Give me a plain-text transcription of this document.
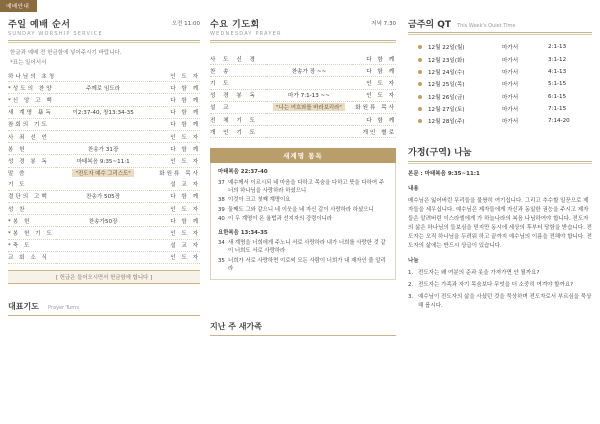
예배안내
주일 예배 순서
SUNDAY WORSHIP SERVICE
오전 11:00
한글과 예배 전 헌금함에 넣어주시기 바랍니다.
*표는 일어서서
하나님의 초청		인 도 자
*성도의 찬양	주께로 임도라	다 함 께
*신 앙 고 백		다 함 께
새 계명 暴독	이2:37-40, 창13:34-35	다 함 께
참회의 기도		다 함 께
사 죄 선 언		인 도 자
봉 헌	찬송가 31장	다 함 께
성 경 봉 독	마태복음 9:35~11:1	인 도 자
말 씀	"전도자 예수 그리스도"	화원류 목사
기 도		설 교 자
결단의 고백	찬송가 505장	다 함 께
성 찬		인 도 자
*봉 헌	찬송가50장	다 함 께
*봉 헌 기 도		인 도 자
*축 도		설 교 자
교 회 소 식		인 도 자
[ 헌금은 들어오시면서 헌금함에 합니다 ]
대표기도 Prayer Turns
수요 기도회
WEDNESDAY PRAYER
저녁 7:30
사 도 신 경		다 함 께
찬 송	찬송가 장 ~~	다 함 께
기 도		인 도 자
성 경 봉 독	마가 7:1-13 ~~	인 도 자
설 교	"나는 여호와를 바라보리라"	화원류 목사
전 체 기 도		다 함 께
개 인 기 도		개인 별로
새계명 통독
마태복음 22:37-40
37 예수께서 이르시되 네 마음을 다하고 목숨을 다하고 뜻을 다하여 주 너의 하나님을 사랑하라 하셨으니
38 이것이 크고 첫째 계명이요
39 둘째도 그와 같으니 네 이웃을 네 자신 같이 사랑하라 하셨으니
40 이 두 계명이 온 율법과 선지자의 강령이니라
요한복음 13:34-35
34 새 계명을 너희에게 주노니 서로 사랑하라 내가 너희를 사랑한 것 같이 너희도 서로 사랑하라
35 너희가 서로 사랑하면 이로써 모든 사람이 너희가 내 제자인 줄 알리라
지난 주 새가족
금주의 QT This Week's Quiet Time
12월 22일(월)	마가서	2:1-13
12월 23일(화)	마가서	3:1-12
12월 24일(수)	마가서	4:1-13
12월 25일(목)	마가서	5:1-15
12월 26일(금)	마가서	6:1-15
12월 27일(토)	마가서	7:1-15
12월 28일(주)	마가서	7:14-20
가정(구역) 나눔
본문 : 마태복음 9:35~11:1
내용
메수님은 잃어버린 무리들을 불쌍히 여기십니다. 그리고 추수할 일꾼으로 제자들을 세우십니다. 예수님은 제자들에게 자신과 동일한 권능을 주시고 제자들은 알려버린 이스라엘에게 가 하늘나라의 복음 나님하여야 합니다. 전도자의 삶은 하나님의 들보심을 믿지만 동시에 세상의 후부터 당함을 받습니다. 전도자는 오직 하나님을 두려워 하고 끝까지 예수님의 이름을 전해야 합니다. 전도자의 삶에는 반드시 상급이 있습니다.
나눔
1. 전도자는 왜 여분의 준과 옷을 가져가면 안 될까요?
2. 전도자는 가족과 자기 목숨보다 무엇을 더 소중히 여겨야 할까요?
3. 예수님이 전도자의 삶을 사셨던 것을 묵상하며 전도자로서 부르심을 묵상해 봅시다.
